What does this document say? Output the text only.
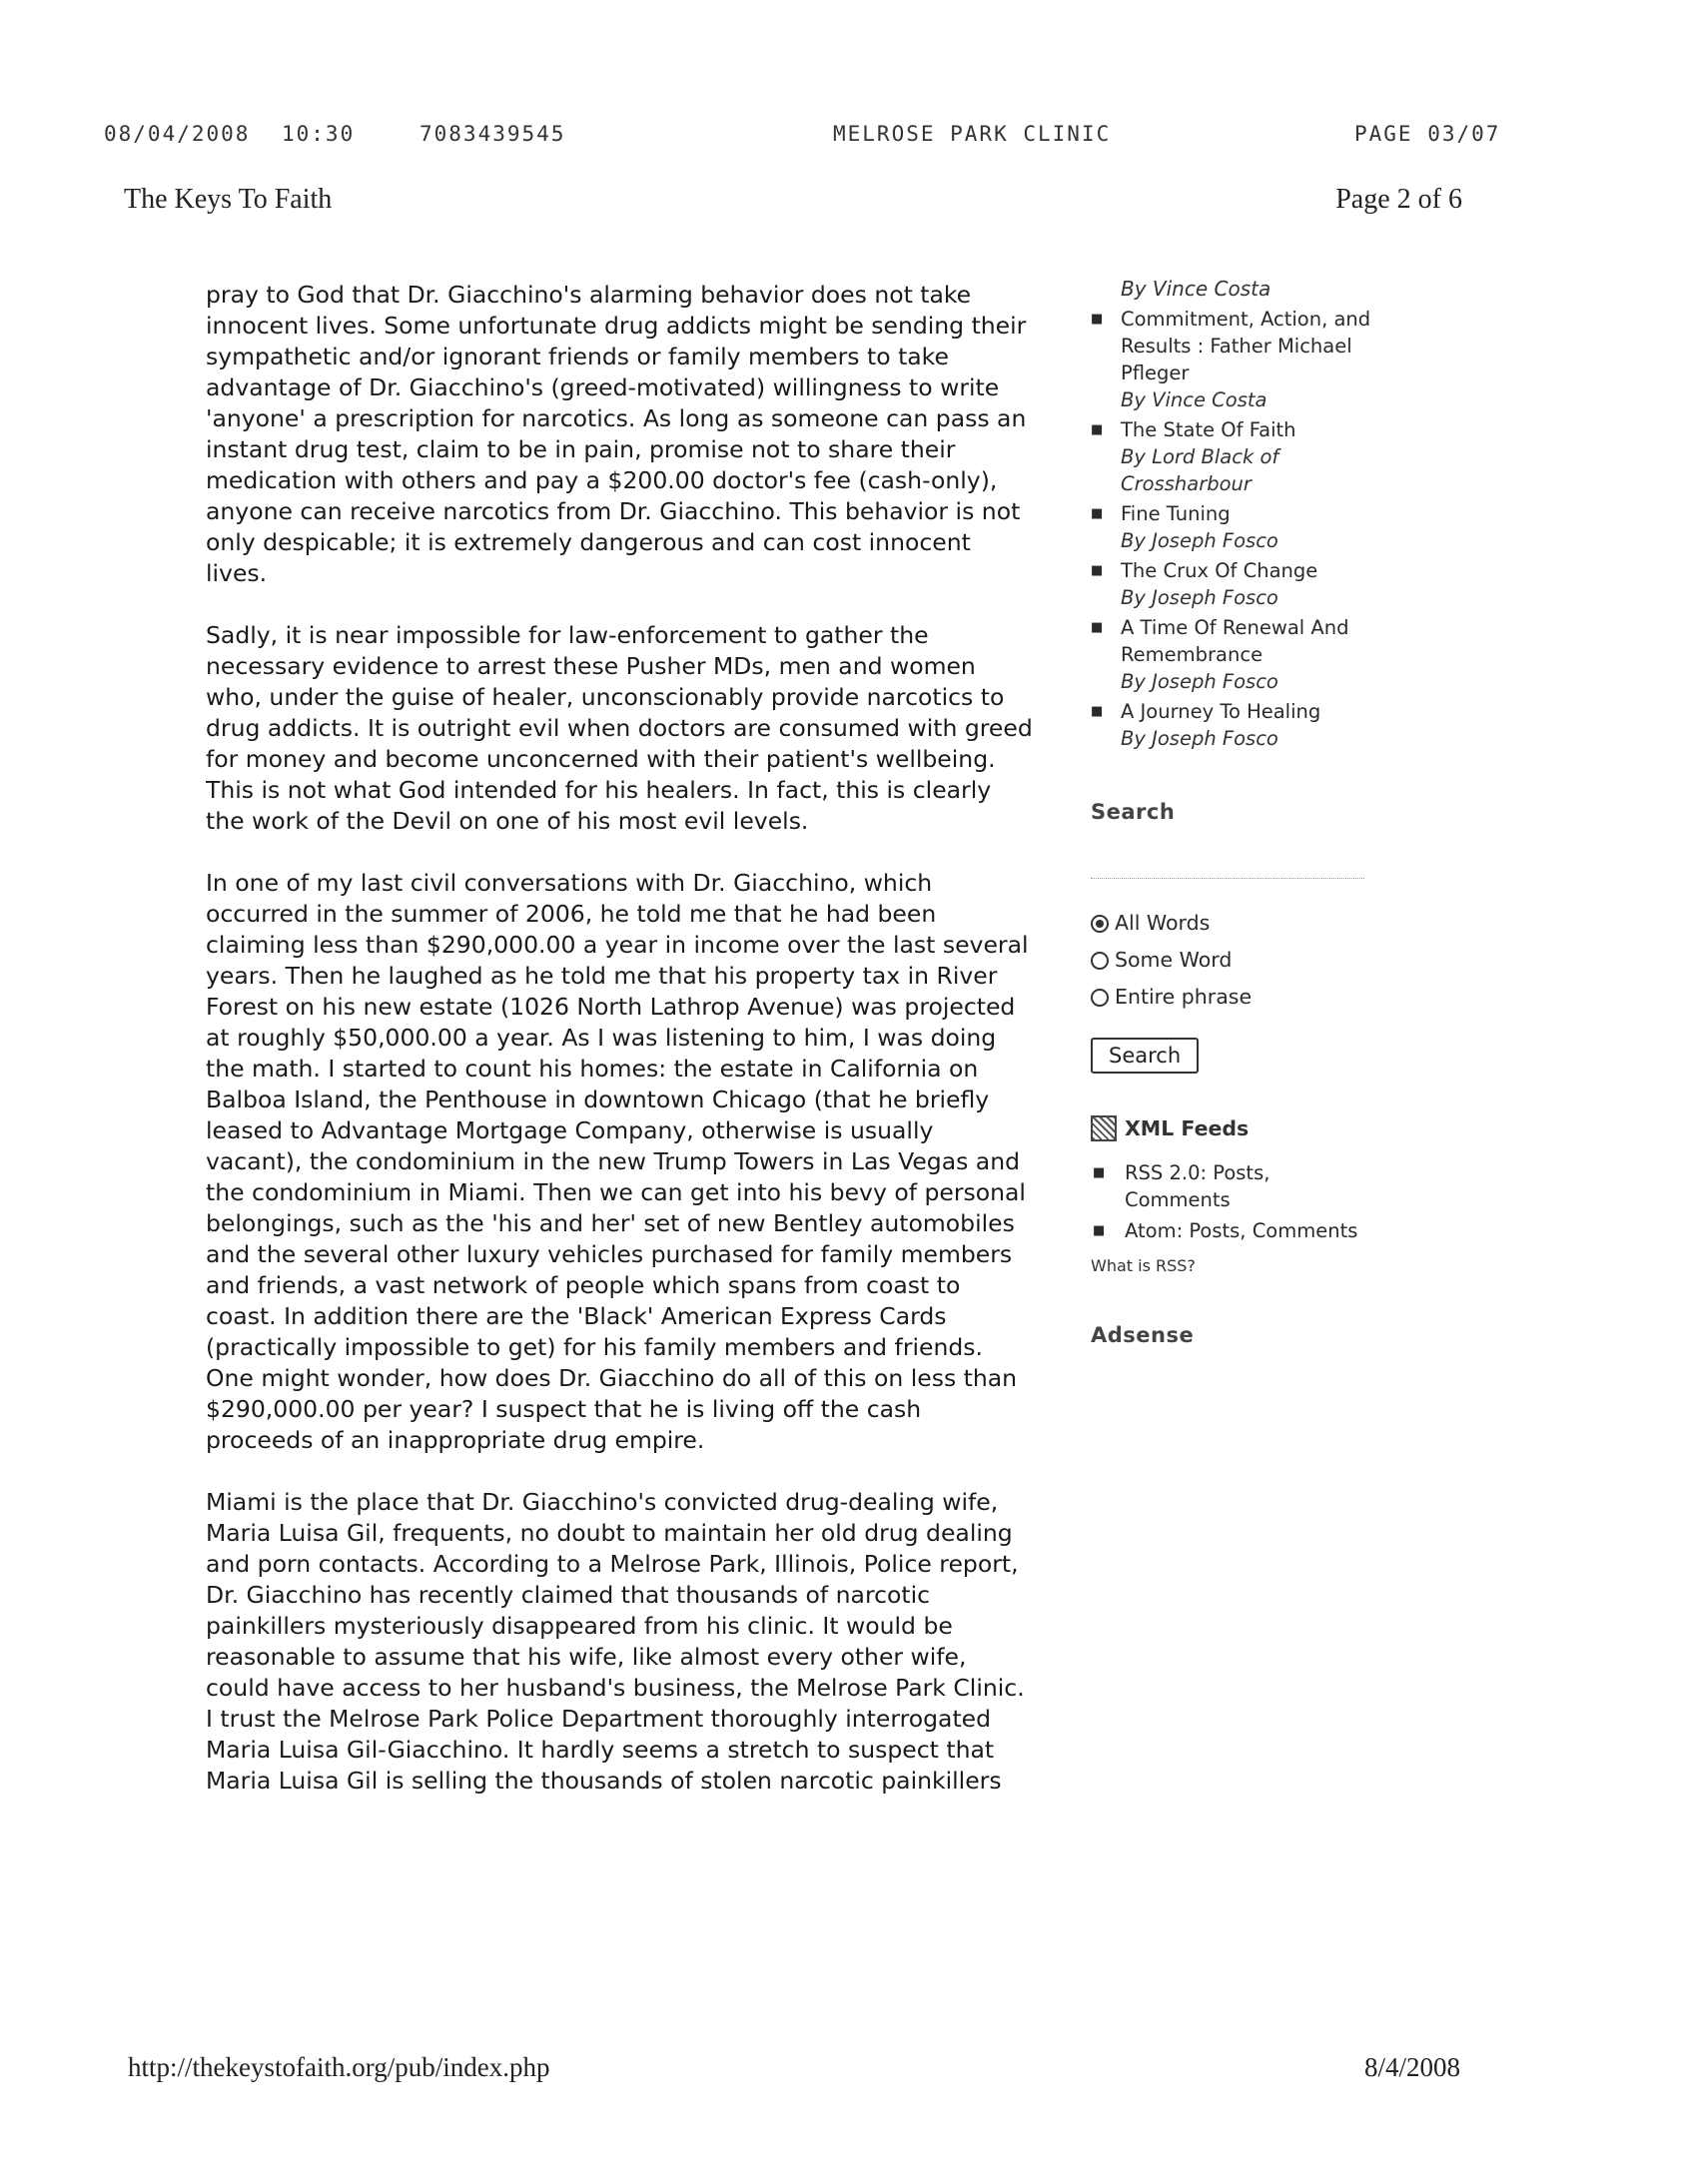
08/04/2008 10:30	7083439545	MELROSE PARK CLINIC	PAGE 03/07
The Keys To Faith	Page 2 of 6

pray to God that Dr. Giacchino's alarming behavior does not take innocent lives. Some unfortunate drug addicts might be sending their sympathetic and/or ignorant friends or family members to take advantage of Dr. Giacchino's (greed-motivated) willingness to write 'anyone' a prescription for narcotics. As long as someone can pass an instant drug test, claim to be in pain, promise not to share their medication with others and pay a $200.00 doctor's fee (cash-only), anyone can receive narcotics from Dr. Giacchino. This behavior is not only despicable; it is extremely dangerous and can cost innocent lives.

Sadly, it is near impossible for law-enforcement to gather the necessary evidence to arrest these Pusher MDs, men and women who, under the guise of healer, unconscionably provide narcotics to drug addicts. It is outright evil when doctors are consumed with greed for money and become unconcerned with their patient's wellbeing. This is not what God intended for his healers. In fact, this is clearly the work of the Devil on one of his most evil levels.

In one of my last civil conversations with Dr. Giacchino, which occurred in the summer of 2006, he told me that he had been claiming less than $290,000.00 a year in income over the last several years. Then he laughed as he told me that his property tax in River Forest on his new estate (1026 North Lathrop Avenue) was projected at roughly $50,000.00 a year. As I was listening to him, I was doing the math. I started to count his homes: the estate in California on Balboa Island, the Penthouse in downtown Chicago (that he briefly leased to Advantage Mortgage Company, otherwise is usually vacant), the condominium in the new Trump Towers in Las Vegas and the condominium in Miami. Then we can get into his bevy of personal belongings, such as the 'his and her' set of new Bentley automobiles and the several other luxury vehicles purchased for family members and friends, a vast network of people which spans from coast to coast. In addition there are the 'Black' American Express Cards (practically impossible to get) for his family members and friends. One might wonder, how does Dr. Giacchino do all of this on less than $290,000.00 per year? I suspect that he is living off the cash proceeds of an inappropriate drug empire.

Miami is the place that Dr. Giacchino's convicted drug-dealing wife, Maria Luisa Gil, frequents, no doubt to maintain her old drug dealing and porn contacts. According to a Melrose Park, Illinois, Police report, Dr. Giacchino has recently claimed that thousands of narcotic painkillers mysteriously disappeared from his clinic. It would be reasonable to assume that his wife, like almost every other wife, could have access to her husband's business, the Melrose Park Clinic. I trust the Melrose Park Police Department thoroughly interrogated Maria Luisa Gil-Giacchino. It hardly seems a stretch to suspect that Maria Luisa Gil is selling the thousands of stolen narcotic painkillers

By Vince Costa
■ Commitment, Action, and Results : Father Michael Pfleger
By Vince Costa
■ The State Of Faith
By Lord Black of Crossharbour
■ Fine Tuning
By Joseph Fosco
■ The Crux Of Change
By Joseph Fosco
■ A Time Of Renewal And Remembrance
By Joseph Fosco
■ A Journey To Healing
By Joseph Fosco
Search
All Words
Some Word
Entire phrase
Search
XML Feeds
■ RSS 2.0: Posts, Comments
■ Atom: Posts, Comments
What is RSS?
Adsense
http://thekeystofaith.org/pub/index.php	8/4/2008
